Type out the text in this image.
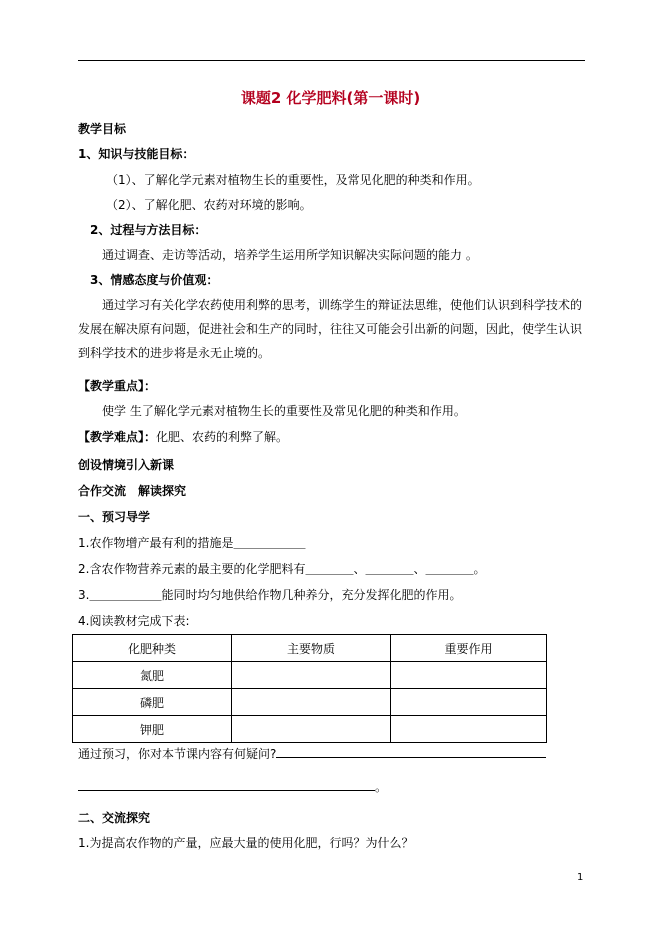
课题2 化学肥料(第一课时)
教学目标
1、知识与技能目标：
（1）、了解化学元素对植物生长的重要性，及常见化肥的种类和作用。
（2）、了解化肥、农药对环境的影响。
2、过程与方法目标：
通过调查、走访等活动，培养学生运用所学知识解决实际问题的能力 。
3、情感态度与价值观：
通过学习有关化学农药使用利弊的思考，训练学生的辩证法思维，使他们认识到科学技术的发展在解决原有问题，促进社会和生产的同时，往往又可能会引出新的问题，因此，使学生认识到科学技术的进步将是永无止境的。
【教学重点】：
使学 生了解化学元素对植物生长的重要性及常见化肥的种类和作用。
【教学难点】：化肥、农药的利弊了解。
创设情境引入新课
合作交流　解读探究
一、预习导学
1.农作物增产最有利的措施是＿＿＿＿＿＿
2.含农作物营养元素的最主要的化学肥料有＿＿＿＿、＿＿＿＿、＿＿＿＿。
3.＿＿＿＿＿＿能同时均匀地供给作物几种养分，充分发挥化肥的作用。
4.阅读教材完成下表:
化肥种类	主要物质	重要作用
氮肥		
磷肥		
钾肥		
通过预习，你对本节课内容有何疑问?
。
二、交流探究
1.为提高农作物的产量，应最大量的使用化肥，行吗？为什么？
1
